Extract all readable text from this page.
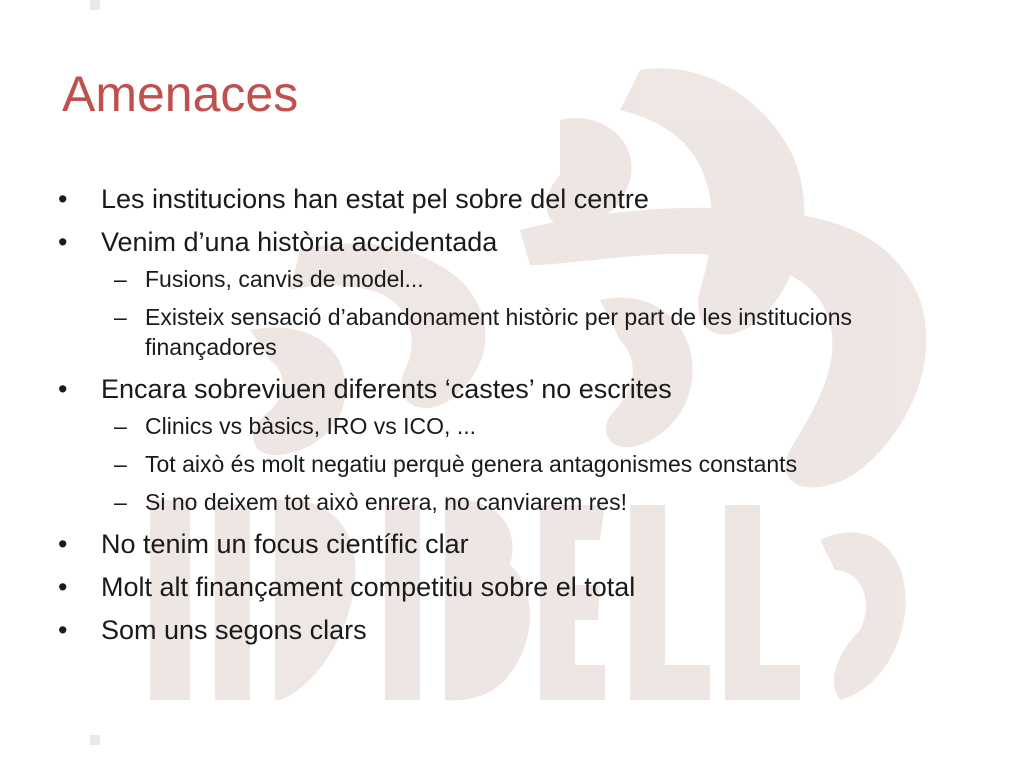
Amenaces
•	Les institucions han estat pel sobre del centre
•	Venim d’una història accidentada
– Fusions, canvis de model...
– Existeix sensació d’abandonament històric per part de les institucions finançadores
•	Encara sobreviuen diferents ‘castes’ no escrites
– Clinics vs bàsics, IRO vs ICO, ...
– Tot això és molt negatiu perquè genera antagonismes constants
– Si no deixem tot això enrera, no canviarem res!
•	No tenim un focus científic clar
•	Molt alt finançament competitiu sobre el total
•	Som uns segons clars
